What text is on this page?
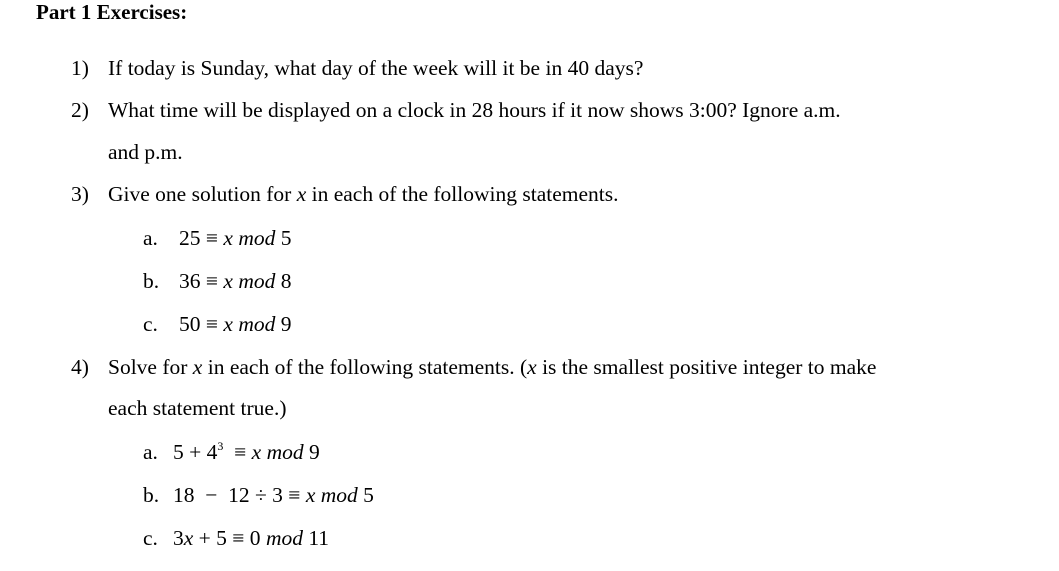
Part 1 Exercises:
1) If today is Sunday, what day of the week will it be in 40 days?
2) What time will be displayed on a clock in 28 hours if it now shows 3:00? Ignore a.m.
and p.m.
3) Give one solution for x in each of the following statements.
a. 25 ≡ x mod 5
b. 36 ≡ x mod 8
c. 50 ≡ x mod 9
4) Solve for x in each of the following statements. (x is the smallest positive integer to make
each statement true.)
a. $5 + 4^3 \equiv x$ mod 9
b. 18  −  12 ÷ 3 ≡ x mod 5
c. 3x + 5 ≡ 0 mod 11
